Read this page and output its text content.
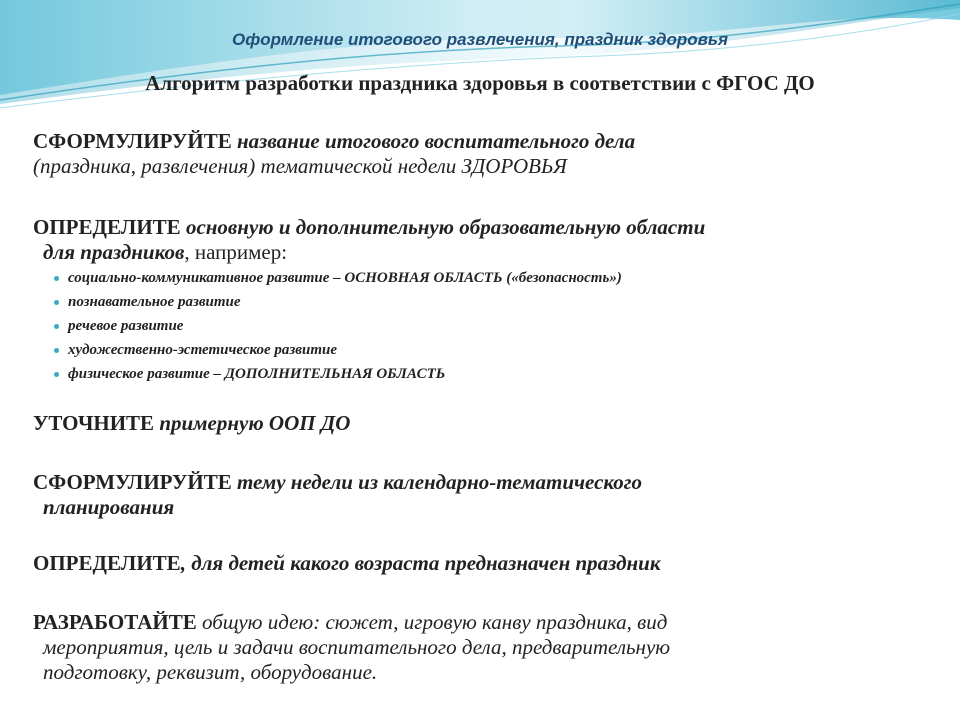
Оформление итогового развлечения, праздник здоровья
Алгоритм разработки праздника здоровья в соответствии с ФГОС ДО
СФОРМУЛИРУЙТЕ название итогового воспитательного дела
(праздника, развлечения) тематической недели ЗДОРОВЬЯ
ОПРЕДЕЛИТЕ основную и дополнительную образовательную области
для праздников, например:
социально-коммуникативное развитие – ОСНОВНАЯ ОБЛАСТЬ («безопасность»)
познавательное развитие
речевое развитие
художественно-эстетическое развитие
физическое развитие – ДОПОЛНИТЕЛЬНАЯ ОБЛАСТЬ
УТОЧНИТЕ примерную ООП ДО
СФОРМУЛИРУЙТЕ тему недели из календарно-тематического
планирования
ОПРЕДЕЛИТЕ, для детей какого возраста предназначен праздник
РАЗРАБОТАЙТЕ общую идею: сюжет, игровую канву праздника, вид
мероприятия, цель и задачи воспитательного дела, предварительную
подготовку, реквизит, оборудование.
